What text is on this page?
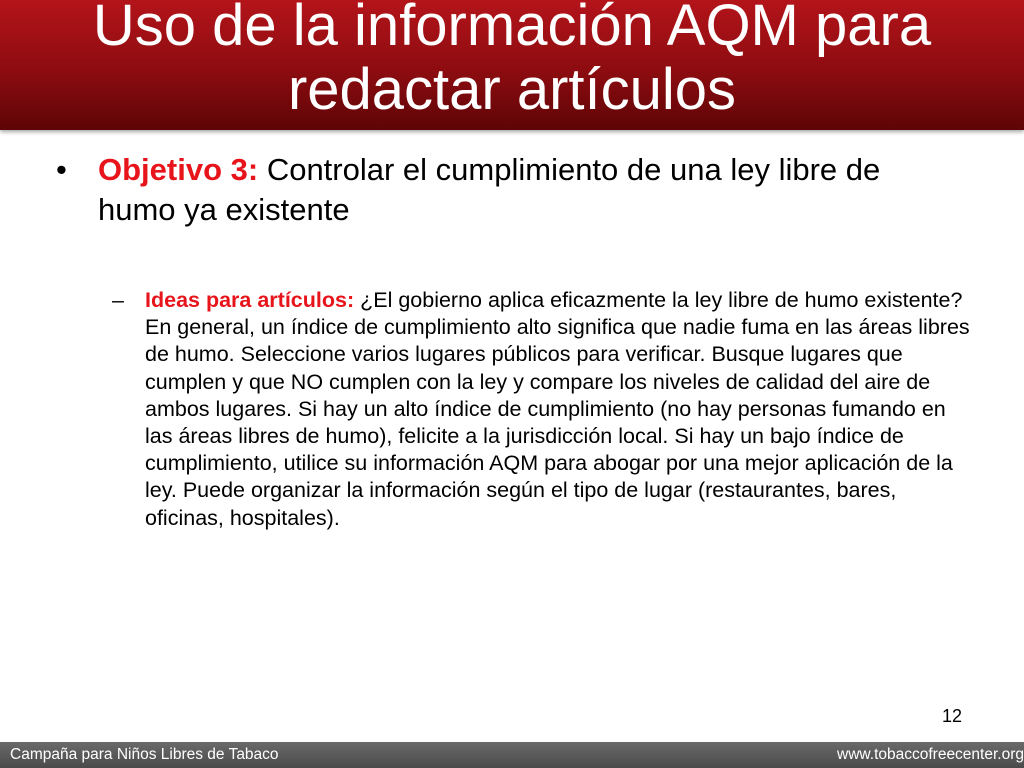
Uso de la información AQM para
redactar artículos
• Objetivo 3: Controlar el cumplimiento de una ley libre de humo ya existente
– Ideas para artículos: ¿El gobierno aplica eficazmente la ley libre de humo existente? En general, un índice de cumplimiento alto significa que nadie fuma en las áreas libres de humo. Seleccione varios lugares públicos para verificar. Busque lugares que cumplen y que NO cumplen con la ley y compare los niveles de calidad del aire de ambos lugares. Si hay un alto índice de cumplimiento (no hay personas fumando en las áreas libres de humo), felicite a la jurisdicción local. Si hay un bajo índice de cumplimiento, utilice su información AQM para abogar por una mejor aplicación de la ley. Puede organizar la información según el tipo de lugar (restaurantes, bares, oficinas, hospitales).
12
Campaña para Niños Libres de Tabaco	www.tobaccofreecenter.org
